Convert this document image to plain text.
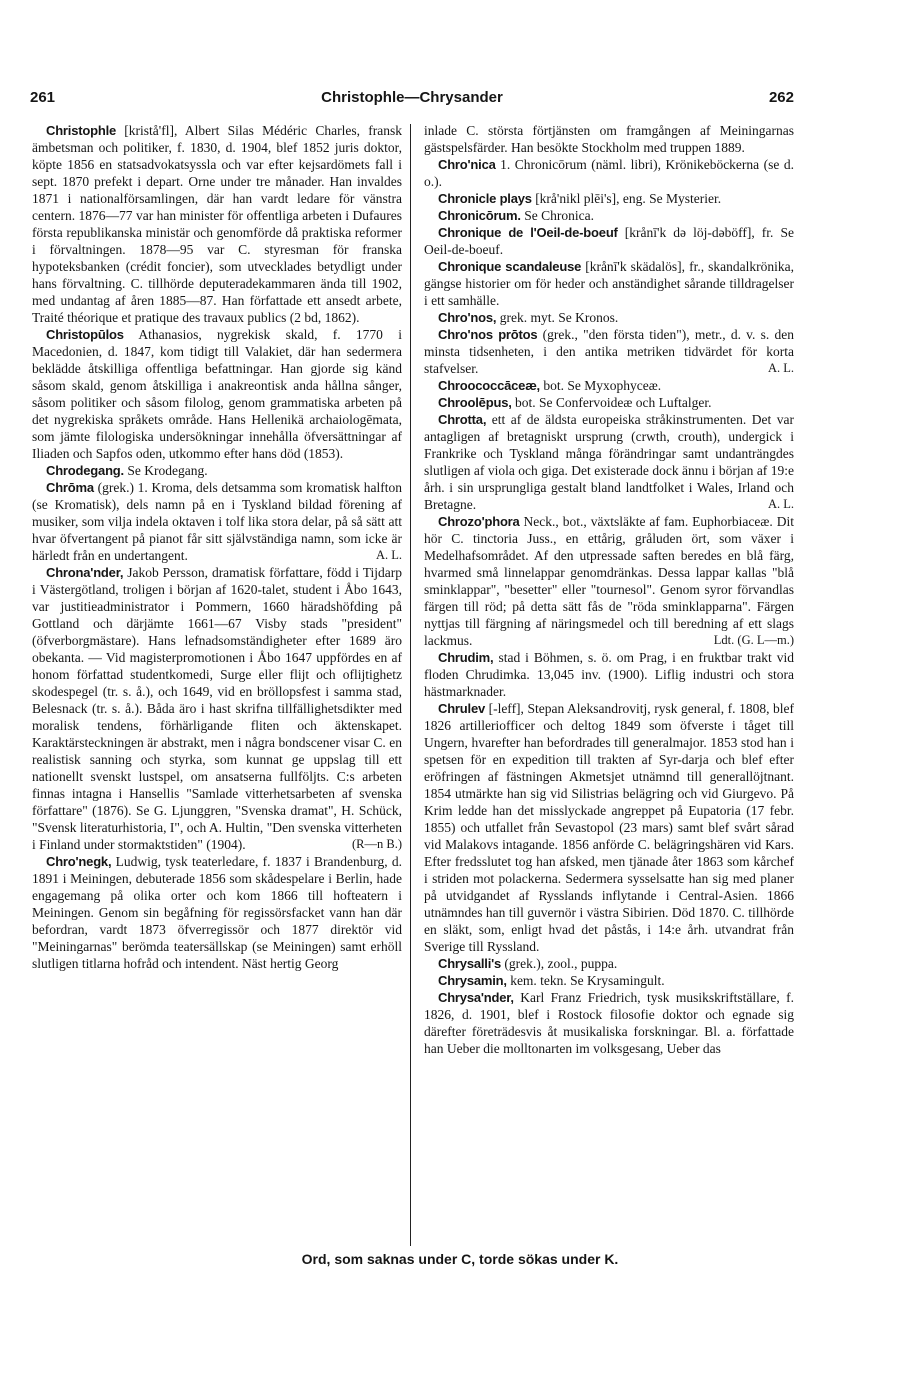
261	Christophle—Chrysander	262

Christophle [kristå'fl], Albert Silas Médéric Charles, fransk ämbetsman och politiker, f. 1830, d. 1904, blef 1852 juris doktor, köpte 1856 en statsadvokatsyssla och var efter kejsardömets fall i sept. 1870 prefekt i depart. Orne under tre månader. Han invaldes 1871 i nationalförsamlingen, där han vardt ledare för vänstra centern. 1876—77 var han minister för offentliga arbeten i Dufaures första republikanska ministär och genomförde då praktiska reformer i förvaltningen. 1878—95 var C. styresman för franska hypoteksbanken (crédit foncier), som utvecklades betydligt under hans förvaltning. C. tillhörde deputeradekammaren ända till 1902, med undantag af åren 1885—87. Han författade ett ansedt arbete, Traité théorique et pratique des travaux publics (2 bd, 1862).

Christopūlos Athanasios, nygrekisk skald, f. 1770 i Macedonien, d. 1847, kom tidigt till Valakiet, där han sedermera beklädde åtskilliga offentliga befattningar. Han gjorde sig känd såsom skald, genom åtskilliga i anakreontisk anda hållna sånger, såsom politiker och såsom filolog, genom grammatiska arbeten på det nygrekiska språkets område. Hans Hellenikä archaiologēmata, som jämte filologiska undersökningar innehålla öfversättningar af Iliaden och Sapfos oden, utkommo efter hans död (1853).

Chrodegang. Se Krodegang.

Chrōma (grek.) 1. Kroma, dels detsamma som kromatisk halfton (se Kromatisk), dels namn på en i Tyskland bildad förening af musiker, som vilja indela oktaven i tolf lika stora delar, på så sätt att hvar öfvertangent på pianot får sitt självständiga namn, som icke är härledt från en undertangent.	A. L.

Chrona'nder, Jakob Persson, dramatisk författare, född i Tijdarp i Västergötland, troligen i början af 1620-talet, student i Åbo 1643, var justitieadministrator i Pommern, 1660 häradshöfding på Gottland och därjämte 1661—67 Visby stads "president" (öfverborgmästare). Hans lefnadsomständigheter efter 1689 äro obekanta. — Vid magisterpromotionen i Åbo 1647 uppfördes en af honom författad studentkomedi, Surge eller flijt och oflijtighetz skodespegel (tr. s. å.), och 1649, vid en bröllopsfest i samma stad, Belesnack (tr. s. å.). Båda äro i hast skrifna tillfällighetsdikter med moralisk tendens, förhärligande fliten och äktenskapet. Karaktärsteckningen är abstrakt, men i några bondscener visar C. en realistisk sanning och styrka, som kunnat ge uppslag till ett nationellt svenskt lustspel, om ansatserna fullföljts. C:s arbeten finnas intagna i Hansellis "Samlade vitterhetsarbeten af svenska författare" (1876). Se G. Ljunggren, "Svenska dramat", H. Schück, "Svensk literaturhistoria, I", och A. Hultin, "Den svenska vitterheten i Finland under stormaktstiden" (1904).	(R—n B.)

Chro'negk, Ludwig, tysk teaterledare, f. 1837 i Brandenburg, d. 1891 i Meiningen, debuterade 1856 som skådespelare i Berlin, hade engagemang på olika orter och kom 1866 till hofteatern i Meiningen. Genom sin begåfning för regissörsfacket vann han där befordran, vardt 1873 öfverregissör och 1877 direktör vid "Meiningarnas" berömda teatersällskap (se Meiningen) samt erhöll slutligen titlarna hofråd och intendent. Näst hertig Georg

inlade C. största förtjänsten om framgången af Meiningarnas gästspelsfärder. Han besökte Stockholm med truppen 1889.

Chro'nica 1. Chronicōrum (näml. libri), Krönikeböckerna (se d. o.).

Chronicle plays [krå'nikl plēi's], eng. Se Mysterier.

Chronicōrum. Se Chronica.

Chronique de l'Oeil-de-boeuf [krånī'k də löj-dəböff], fr. Se Oeil-de-boeuf.

Chronique scandaleuse [krånī'k skädalös], fr., skandalkrönika, gängse historier om för heder och anständighet sårande tilldragelser i ett samhälle.

Chro'nos, grek. myt. Se Kronos.

Chro'nos prōtos (grek., "den första tiden"), metr., d. v. s. den minsta tidsenheten, i den antika metriken tidvärdet för korta stafvelser.	A. L.

Chroococcāceæ, bot. Se Myxophyceæ.

Chroolēpus, bot. Se Confervoideæ och Luftalger.

Chrotta, ett af de äldsta europeiska stråkinstrumenten. Det var antagligen af bretagniskt ursprung (crwth, crouth), undergick i Frankrike och Tyskland många förändringar samt undanträngdes slutligen af viola och giga. Det existerade dock ännu i början af 19:e årh. i sin ursprungliga gestalt bland landtfolket i Wales, Irland och Bretagne.	A. L.

Chrozo'phora Neck., bot., växtsläkte af fam. Euphorbiaceæ. Dit hör C. tinctoria Juss., en ettårig, gråluden ört, som växer i Medelhafsområdet. Af den utpressade saften beredes en blå färg, hvarmed små linnelappar genomdränkas. Dessa lappar kallas "blå sminklappar", "besetter" eller "tournesol". Genom syror förvandlas färgen till röd; på detta sätt fås de "röda sminklapparna". Färgen nyttjas till färgning af näringsmedel och till beredning af ett slags lackmus.	Ldt. (G. L—m.)

Chrudim, stad i Böhmen, s. ö. om Prag, i en fruktbar trakt vid floden Chrudimka. 13,045 inv. (1900). Liflig industri och stora hästmarknader.

Chrulev [-leff], Stepan Aleksandrovitj, rysk general, f. 1808, blef 1826 artilleriofficer och deltog 1849 som öfverste i tåget till Ungern, hvarefter han befordrades till generalmajor. 1853 stod han i spetsen för en expedition till trakten af Syr-darja och blef efter eröfringen af fästningen Akmetsjet utnämnd till generallöjtnant. 1854 utmärkte han sig vid Silistrias belägring och vid Giurgevo. På Krim ledde han det misslyckade angreppet på Eupatoria (17 febr. 1855) och utfallet från Sevastopol (23 mars) samt blef svårt sårad vid Malakovs intagande. 1856 anförde C. belägringshären vid Kars. Efter fredsslutet tog han afsked, men tjänade åter 1863 som kårchef i striden mot polackerna. Sedermera sysselsatte han sig med planer på utvidgandet af Rysslands inflytande i Central-Asien. 1866 utnämndes han till guvernör i västra Sibirien. Död 1870. C. tillhörde en släkt, som, enligt hvad det påstås, i 14:e årh. utvandrat från Sverige till Ryssland.

Chrysalli's (grek.), zool., puppa.

Chrysamin, kem. tekn. Se Krysamingult.

Chrysa'nder, Karl Franz Friedrich, tysk musikskriftställare, f. 1826, d. 1901, blef i Rostock filosofie doktor och egnade sig därefter företrädesvis åt musikaliska forskningar. Bl. a. författade han Ueber die molltonarten im volksgesang, Ueber das

Ord, som saknas under C, torde sökas under K.
